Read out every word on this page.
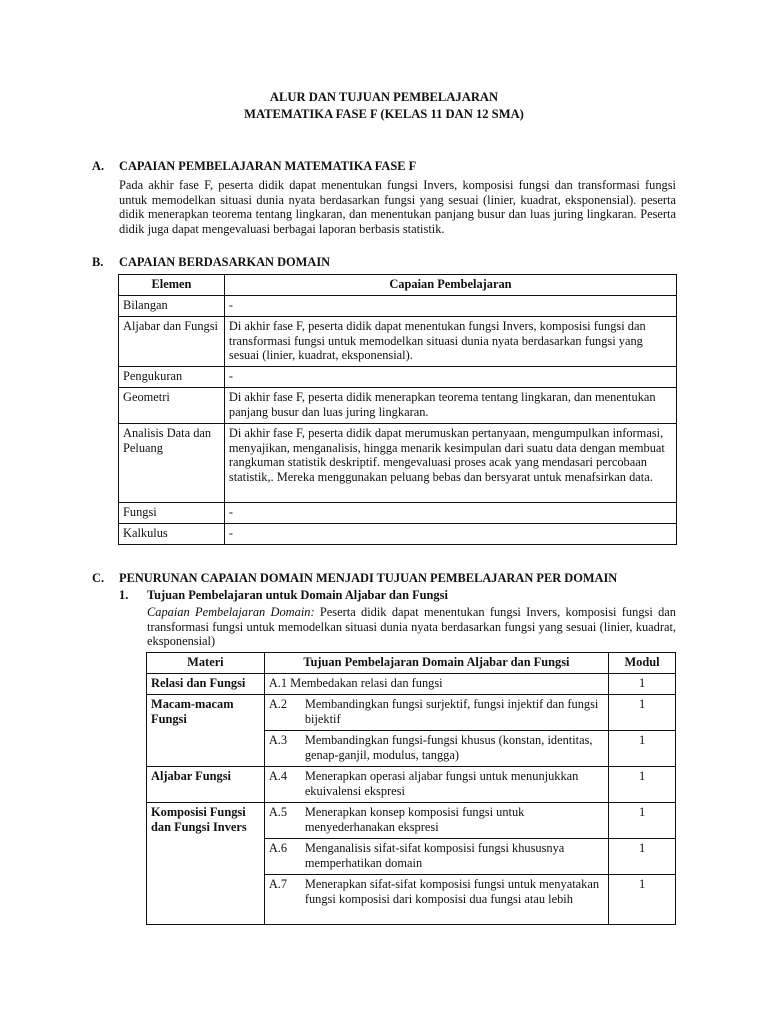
ALUR DAN TUJUAN PEMBELAJARAN
MATEMATIKA FASE F (KELAS 11 DAN 12 SMA)
A. CAPAIAN PEMBELAJARAN MATEMATIKA FASE F
Pada akhir fase F, peserta didik dapat menentukan fungsi Invers, komposisi fungsi dan transformasi fungsi untuk memodelkan situasi dunia nyata berdasarkan fungsi yang sesuai (linier, kuadrat, eksponensial). peserta didik menerapkan teorema tentang lingkaran, dan menentukan panjang busur dan luas juring lingkaran. Peserta didik juga dapat mengevaluasi berbagai laporan berbasis statistik.
B. CAPAIAN BERDASARKAN DOMAIN
Elemen	Capaian Pembelajaran
Bilangan	-
Aljabar dan Fungsi	Di akhir fase F, peserta didik dapat menentukan fungsi Invers, komposisi fungsi dan transformasi fungsi untuk memodelkan situasi dunia nyata berdasarkan fungsi yang sesuai (linier, kuadrat, eksponensial).
Pengukuran	-
Geometri	Di akhir fase F, peserta didik menerapkan teorema tentang lingkaran, dan menentukan panjang busur dan luas juring lingkaran.
Analisis Data dan Peluang	Di akhir fase F, peserta didik dapat merumuskan pertanyaan, mengumpulkan informasi, menyajikan, menganalisis, hingga menarik kesimpulan dari suatu data dengan membuat rangkuman statistik deskriptif. mengevaluasi proses acak yang mendasari percobaan statistik,. Mereka menggunakan peluang bebas dan bersyarat untuk menafsirkan data.
Fungsi	-
Kalkulus	-
C. PENURUNAN CAPAIAN DOMAIN MENJADI TUJUAN PEMBELAJARAN PER DOMAIN
1. Tujuan Pembelajaran untuk Domain Aljabar dan Fungsi
Capaian Pembelajaran Domain: Peserta didik dapat menentukan fungsi Invers, komposisi fungsi dan transformasi fungsi untuk memodelkan situasi dunia nyata berdasarkan fungsi yang sesuai (linier, kuadrat, eksponensial)
Materi	Tujuan Pembelajaran Domain Aljabar dan Fungsi	Modul
Relasi dan Fungsi	A.1 Membedakan relasi dan fungsi	1
Macam-macam Fungsi	A.2 Membandingkan fungsi surjektif, fungsi injektif dan fungsi bijektif	1

	A.3 Membandingkan fungsi-fungsi khusus (konstan, identitas, genap-ganjil, modulus, tangga)	1
Aljabar Fungsi	A.4 Menerapkan operasi aljabar fungsi untuk menunjukkan ekuivalensi ekspresi	1
Komposisi Fungsi dan Fungsi Invers	A.5 Menerapkan konsep komposisi fungsi untuk menyederhanakan ekspresi	1

	A.6 Menganalisis sifat-sifat komposisi fungsi khususnya memperhatikan domain	1

	A.7 Menerapkan sifat-sifat komposisi fungsi untuk menyatakan fungsi komposisi dari komposisi dua fungsi atau lebih	1
